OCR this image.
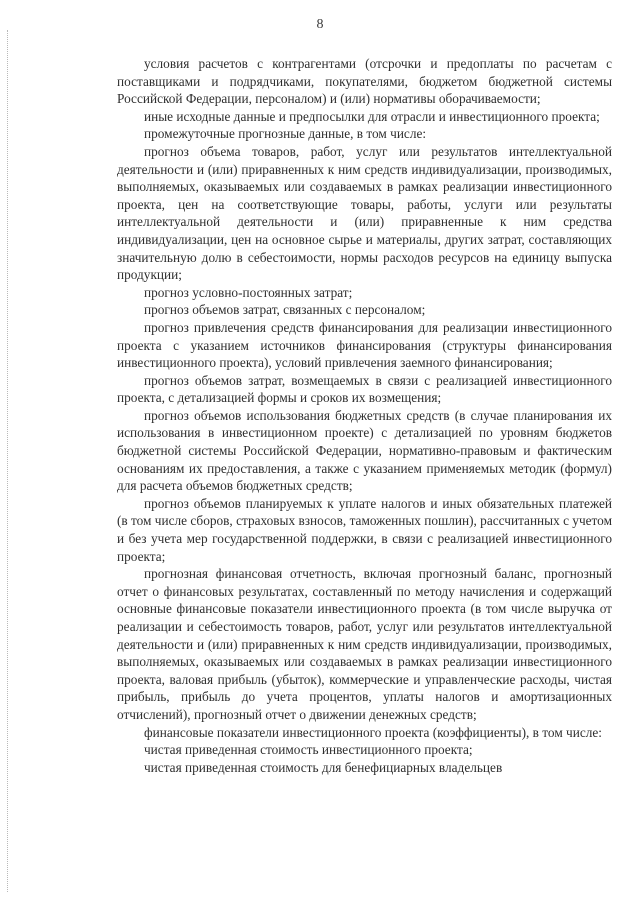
8

условия расчетов с контрагентами (отсрочки и предоплаты по расчетам с поставщиками и подрядчиками, покупателями, бюджетом бюджетной системы Российской Федерации, персоналом) и (или) нормативы оборачиваемости;

иные исходные данные и предпосылки для отрасли и инвестиционного проекта;

промежуточные прогнозные данные, в том числе:

прогноз объема товаров, работ, услуг или результатов интеллектуальной деятельности и (или) приравненных к ним средств индивидуализации, производимых, выполняемых, оказываемых или создаваемых в рамках реализации инвестиционного проекта, цен на соответствующие товары, работы, услуги или результаты интеллектуальной деятельности и (или) приравненные к ним средства индивидуализации, цен на основное сырье и материалы, других затрат, составляющих значительную долю в себестоимости, нормы расходов ресурсов на единицу выпуска продукции;

прогноз условно-постоянных затрат;

прогноз объемов затрат, связанных с персоналом;

прогноз привлечения средств финансирования для реализации инвестиционного проекта с указанием источников финансирования (структуры финансирования инвестиционного проекта), условий привлечения заемного финансирования;

прогноз объемов затрат, возмещаемых в связи с реализацией инвестиционного проекта, с детализацией формы и сроков их возмещения;

прогноз объемов использования бюджетных средств (в случае планирования их использования в инвестиционном проекте) с детализацией по уровням бюджетов бюджетной системы Российской Федерации, нормативно-правовым и фактическим основаниям их предоставления, а также с указанием применяемых методик (формул) для расчета объемов бюджетных средств;

прогноз объемов планируемых к уплате налогов и иных обязательных платежей (в том числе сборов, страховых взносов, таможенных пошлин), рассчитанных с учетом и без учета мер государственной поддержки, в связи с реализацией инвестиционного проекта;

прогнозная финансовая отчетность, включая прогнозный баланс, прогнозный отчет о финансовых результатах, составленный по методу начисления и содержащий основные финансовые показатели инвестиционного проекта (в том числе выручка от реализации и себестоимость товаров, работ, услуг или результатов интеллектуальной деятельности и (или) приравненных к ним средств индивидуализации, производимых, выполняемых, оказываемых или создаваемых в рамках реализации инвестиционного проекта, валовая прибыль (убыток), коммерческие и управленческие расходы, чистая прибыль, прибыль до учета процентов, уплаты налогов и амортизационных отчислений), прогнозный отчет о движении денежных средств;

финансовые показатели инвестиционного проекта (коэффициенты), в том числе:

чистая приведенная стоимость инвестиционного проекта;

чистая приведенная стоимость для бенефициарных владельцев
